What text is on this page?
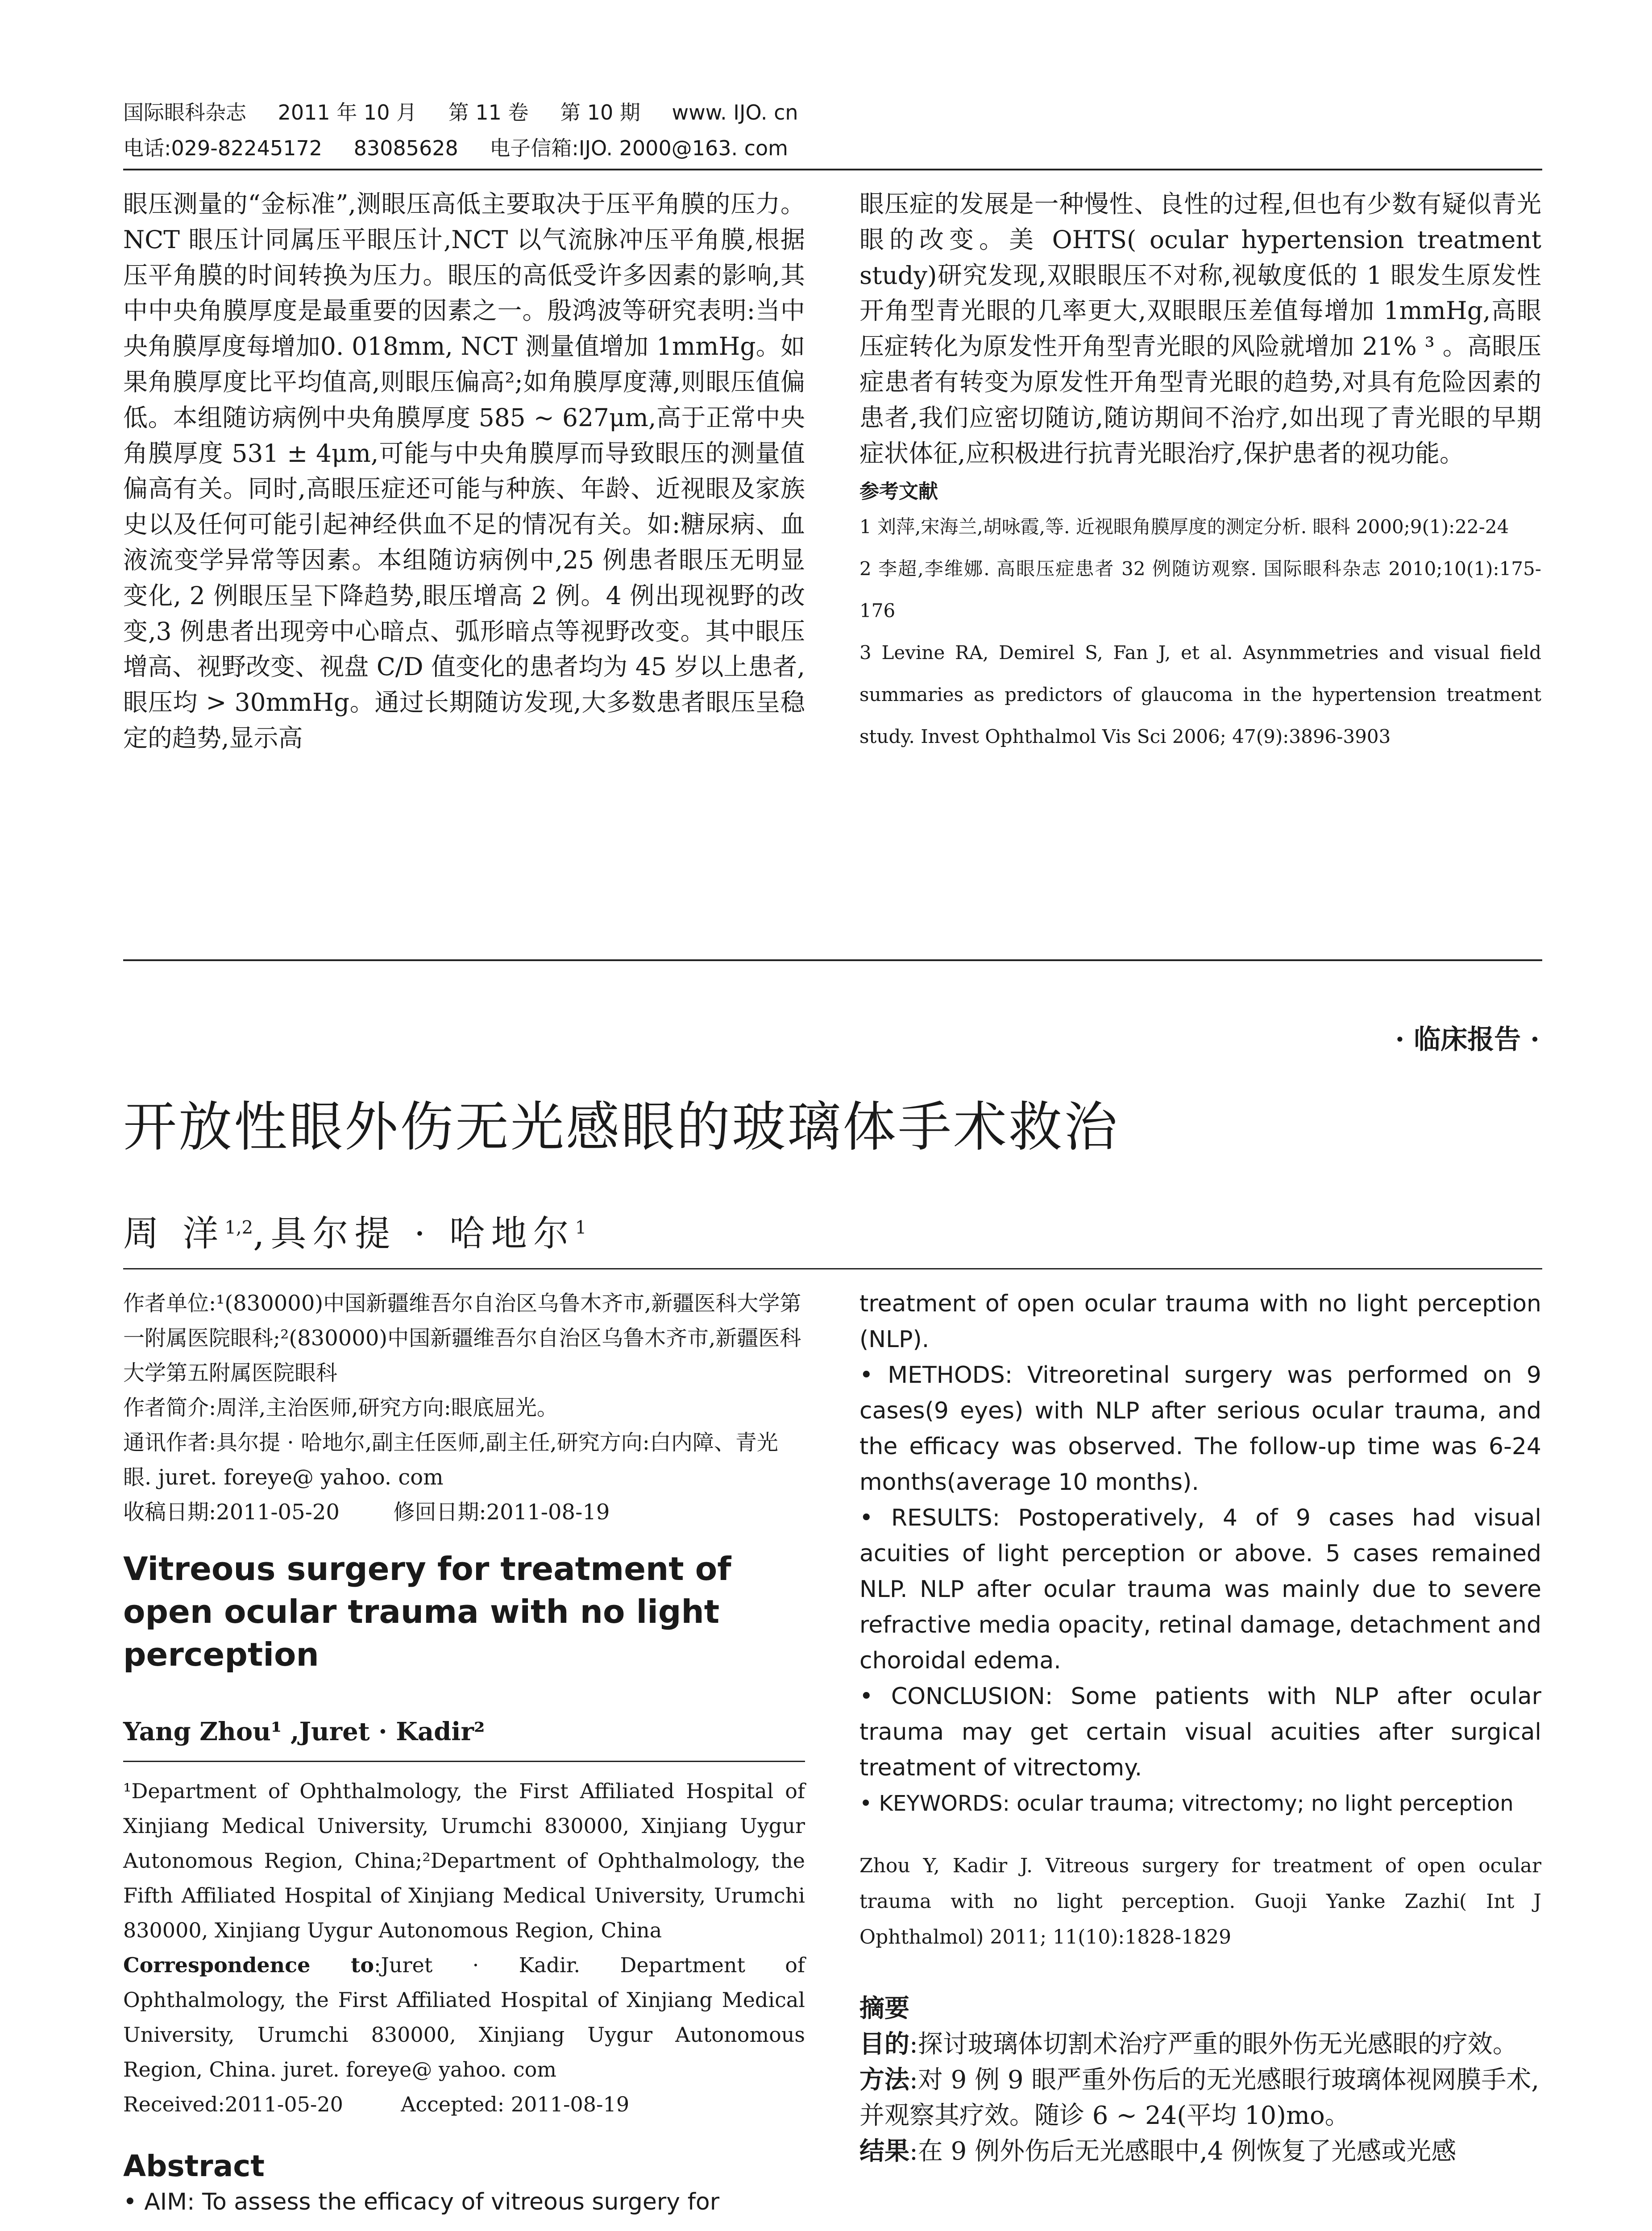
国际眼科杂志 2011 年 10 月 第 11 卷 第 10 期 www. IJO. cn
电话:029-82245172 83085628 电子信箱:IJO. 2000@163. com

眼压测量的“金标准”,测眼压高低主要取决于压平角膜的压力。NCT 眼压计同属压平眼压计,NCT 以气流脉冲压平角膜,根据压平角膜的时间转换为压力。眼压的高低受许多因素的影响,其中中央角膜厚度是最重要的因素之一。殷鸿波等研究表明:当中央角膜厚度每增加0. 018mm, NCT 测量值增加 1mmHg。如果角膜厚度比平均值高,则眼压偏高²;如角膜厚度薄,则眼压值偏低。本组随访病例中央角膜厚度 585 ~ 627μm,高于正常中央角膜厚度 531 ± 4μm,可能与中央角膜厚而导致眼压的测量值偏高有关。同时,高眼压症还可能与种族、年龄、近视眼及家族史以及任何可能引起神经供血不足的情况有关。如:糖尿病、血液流变学异常等因素。本组随访病例中,25 例患者眼压无明显变化, 2 例眼压呈下降趋势,眼压增高 2 例。4 例出现视野的改变,3 例患者出现旁中心暗点、弧形暗点等视野改变。其中眼压增高、视野改变、视盘 C/D 值变化的患者均为 45 岁以上患者,眼压均 > 30mmHg。通过长期随访发现,大多数患者眼压呈稳定的趋势,显示高

眼压症的发展是一种慢性、良性的过程,但也有少数有疑似青光眼的改变。美 OHTS( ocular hypertension treatment study)研究发现,双眼眼压不对称,视敏度低的 1 眼发生原发性开角型青光眼的几率更大,双眼眼压差值每增加 1mmHg,高眼压症转化为原发性开角型青光眼的风险就增加 21% ³ 。高眼压症患者有转变为原发性开角型青光眼的趋势,对具有危险因素的患者,我们应密切随访,随访期间不治疗,如出现了青光眼的早期症状体征,应积极进行抗青光眼治疗,保护患者的视功能。

参考文献
1 刘萍,宋海兰,胡咏霞,等. 近视眼角膜厚度的测定分析. 眼科 2000;9(1):22-24
2 李超,李维娜. 高眼压症患者 32 例随访观察. 国际眼科杂志 2010;10(1):175-176
3 Levine RA, Demirel S, Fan J, et al. Asynmmetries and visual field summaries as predictors of glaucoma in the hypertension treatment study. Invest Ophthalmol Vis Sci 2006; 47(9):3896-3903
· 临床报告 ·
开放性眼外伤无光感眼的玻璃体手术救治
周 洋$^{1,2}$,具尔提 · 哈地尔$^1$

作者单位:¹(830000)中国新疆维吾尔自治区乌鲁木齐市,新疆医科大学第一附属医院眼科;²(830000)中国新疆维吾尔自治区乌鲁木齐市,新疆医科大学第五附属医院眼科

作者简介:周洋,主治医师,研究方向:眼底屈光。

通讯作者:具尔提 · 哈地尔,副主任医师,副主任,研究方向:白内障、青光眼. juret. foreye@ yahoo. com

收稿日期:2011-05-20	修回日期:2011-08-19

Vitreous surgery for treatment of open ocular trauma with no light perception
Yang Zhou¹ ,Juret · Kadir²

¹Department of Ophthalmology, the First Affiliated Hospital of Xinjiang Medical University, Urumchi 830000, Xinjiang Uygur Autonomous Region, China;²Department of Ophthalmology, the Fifth Affiliated Hospital of Xinjiang Medical University, Urumchi 830000, Xinjiang Uygur Autonomous Region, China

Correspondence to:Juret · Kadir. Department of Ophthalmology, the First Affiliated Hospital of Xinjiang Medical University, Urumchi 830000, Xinjiang Uygur Autonomous Region, China. juret. foreye@ yahoo. com

Received:2011-05-20	Accepted: 2011-08-19

Abstract

• AIM: To assess the efficacy of vitreous surgery for

treatment of open ocular trauma with no light perception (NLP).

• METHODS: Vitreoretinal surgery was performed on 9 cases(9 eyes) with NLP after serious ocular trauma, and the efficacy was observed. The follow-up time was 6-24 months(average 10 months).

• RESULTS: Postoperatively, 4 of 9 cases had visual acuities of light perception or above. 5 cases remained NLP. NLP after ocular trauma was mainly due to severe refractive media opacity, retinal damage, detachment and choroidal edema.

• CONCLUSION: Some patients with NLP after ocular trauma may get certain visual acuities after surgical treatment of vitrectomy.

• KEYWORDS: ocular trauma; vitrectomy; no light perception

Zhou Y, Kadir J. Vitreous surgery for treatment of open ocular trauma with no light perception. Guoji Yanke Zazhi( Int J Ophthalmol) 2011; 11(10):1828-1829

摘要

目的:探讨玻璃体切割术治疗严重的眼外伤无光感眼的疗效。

方法:对 9 例 9 眼严重外伤后的无光感眼行玻璃体视网膜手术,并观察其疗效。随诊 6 ~ 24(平均 10)mo。

结果:在 9 例外伤后无光感眼中,4 例恢复了光感或光感
